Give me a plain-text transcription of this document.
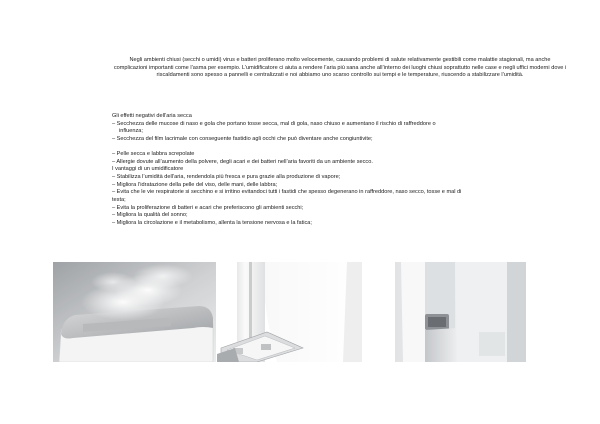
Negli ambienti chiusi (secchi o umidi) virus e batteri proliferano molto velocemente, causando problemi di salute relativamente gestibili come malattie stagionali, ma anche complicazioni importanti come l’asma per esempio. L’umidificatore ci aiuta a rendere l’aria più sana anche all’interno dei luoghi chiusi soprattutto nelle case e negli uffici moderni dove i riscaldamenti sono spesso a pannelli e centralizzati e noi abbiamo uno scarso controllo sui tempi e le temperature, riuscendo a stabilizzare l’umidità.

Gli effetti negativi dell’aria secca
– Secchezza delle mucose di naso e gola che portano tosse secca, mal di gola, naso chiuso e aumentano il rischio di raffreddore o
influenza;
– Secchezza del film lacrimale con conseguente fastidio agli occhi che può diventare anche congiuntivite;
– Pelle secca e labbra screpolate
– Allergie dovute all’aumento della polvere, degli acari e dei batteri nell’aria favoriti da un ambiente secco.
I vantaggi di un umidificatore
– Stabilizza l’umidità dell’aria, rendendola più fresca e pura grazie alla produzione di vapore;
– Migliora l’idratazione della pelle del viso, delle mani, delle labbra;
– Evita che le vie respiratorie si secchino e si irritino evitandoci tutti i fastidi che spesso degenerano in raffreddore, naso secco, tosse e mal di
testa;
– Evita la proliferazione di batteri e acari che preferiscono gli ambienti secchi;
– Migliora la qualità del sonno;
– Migliora la circolazione e il metabolismo, allenta la tensione nervosa e la fatica;
